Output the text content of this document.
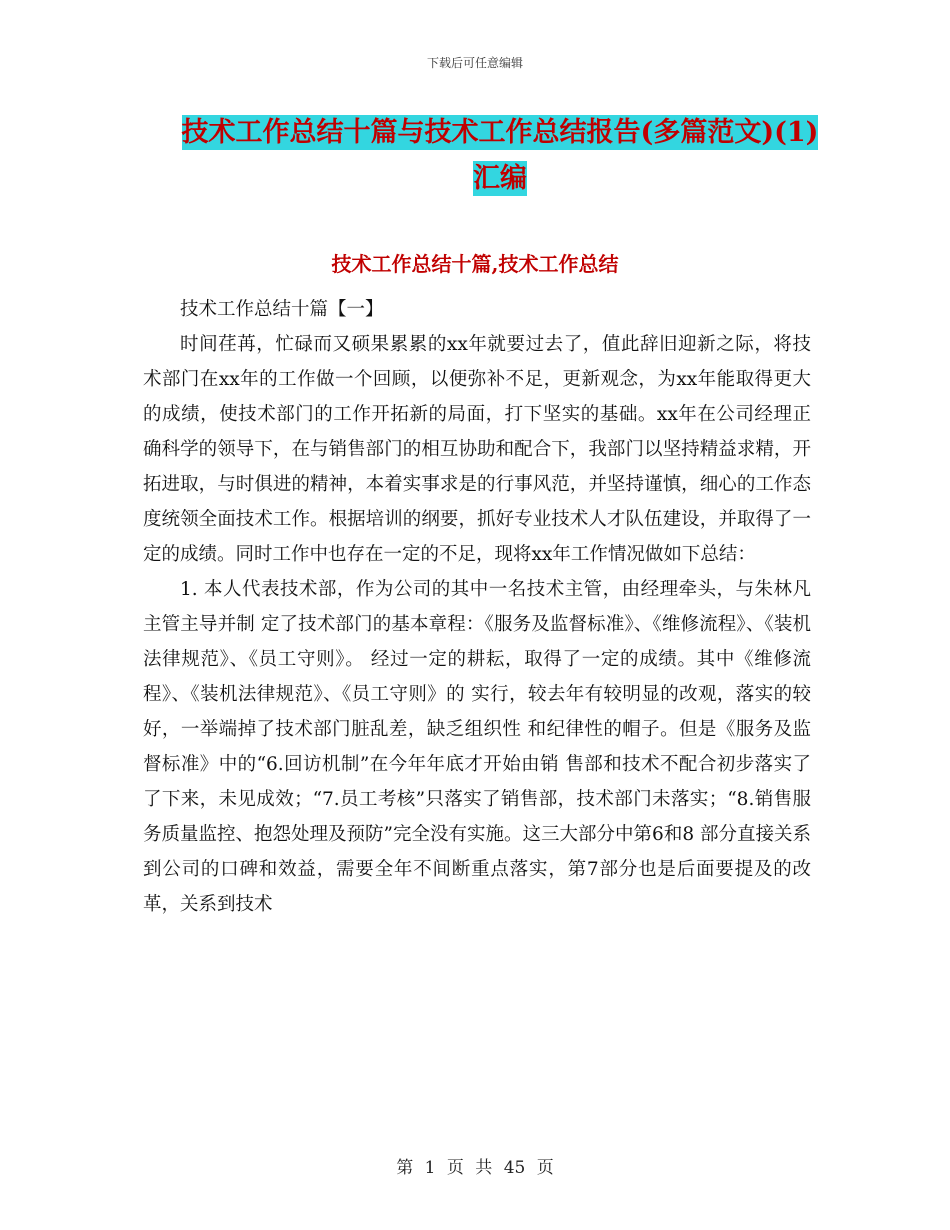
下载后可任意编辑
技术工作总结十篇与技术工作总结报告(多篇范文)(1)
汇编
技术工作总结十篇,技术工作总结

技术工作总结十篇【一】

时间荏苒，忙碌而又硕果累累的xx年就要过去了，值此辞旧迎新之际，将技术部门在xx年的工作做一个回顾，以便弥补不足，更新观念，为xx年能取得更大的成绩，使技术部门的工作开拓新的局面，打下坚实的基础。xx年在公司经理正确科学的领导下，在与销售部门的相互协助和配合下，我部门以坚持精益求精，开拓进取，与时俱进的精神，本着实事求是的行事风范，并坚持谨慎，细心的工作态度统领全面技术工作。根据培训的纲要，抓好专业技术人才队伍建设，并取得了一定的成绩。同时工作中也存在一定的不足，现将xx年工作情况做如下总结：

1. 本人代表技术部，作为公司的其中一名技术主管，由经理牵头，与朱林凡主管主导并制 定了技术部门的基本章程：《服务及监督标准》、《维修流程》、《装机法律规范》、《员工守则》。 经过一定的耕耘，取得了一定的成绩。其中《维修流程》、《装机法律规范》、《员工守则》的 实行，较去年有较明显的改观，落实的较好，一举端掉了技术部门脏乱差，缺乏组织性 和纪律性的帽子。但是《服务及监督标准》中的“6.回访机制”在今年年底才开始由销 售部和技术不配合初步落实了了下来，未见成效；“7.员工考核”只落实了销售部，技术部门未落实；“8.销售服务质量监控、抱怨处理及预防”完全没有实施。这三大部分中第6和8 部分直接关系到公司的口碑和效益，需要全年不间断重点落实，第7部分也是后面要提及的改革，关系到技术

第 1 页 共 45 页
